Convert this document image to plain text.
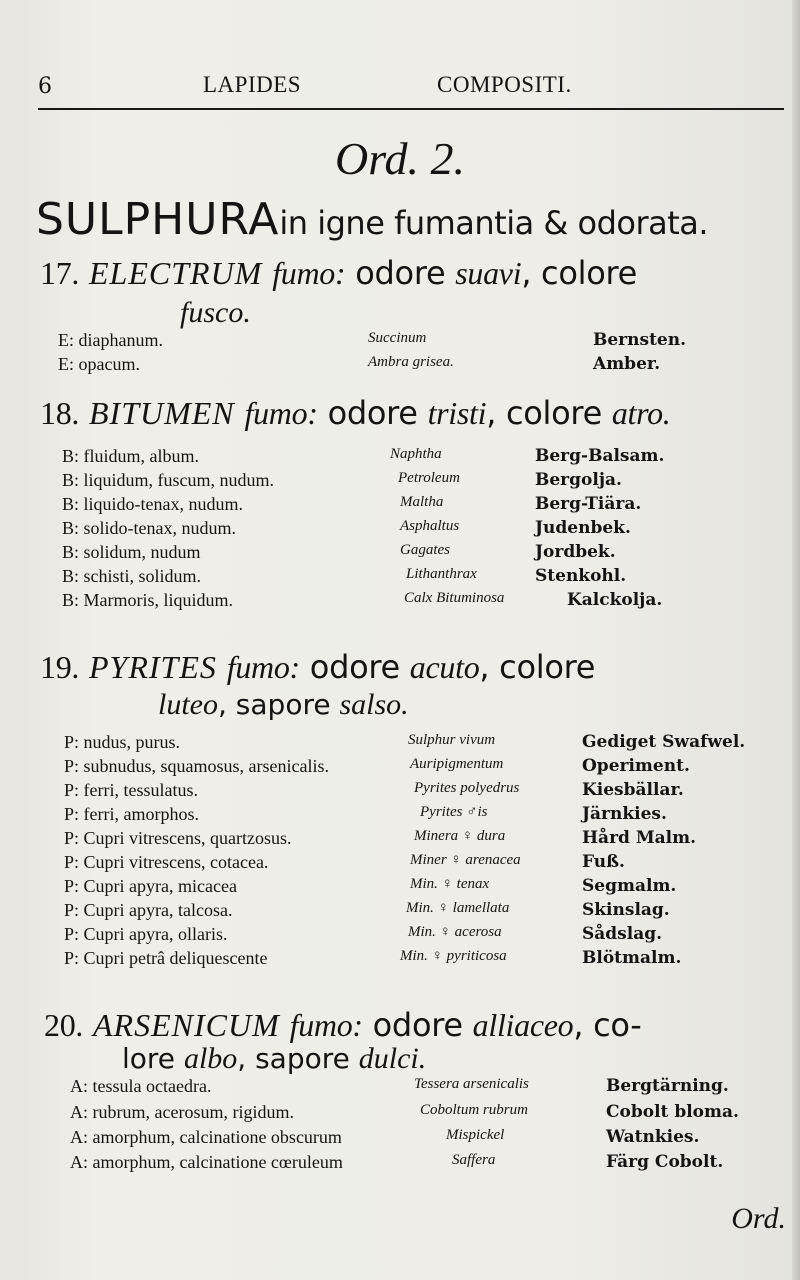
6	LAPIDES	COMPOSITI.
Ord. 2.
SULPHURAin igne fumantia & odorata.
17. ELECTRUM fumo: odore suavi, colore
fusco.
E: diaphanum.	Succinum	Bernsten.
E: opacum.	Ambra grisea.	Amber.
18. BITUMEN fumo: odore tristi, colore atro.
B: fluidum, album.	Naphtha	Berg-Balsam.
B: liquidum, fuscum, nudum.	Petroleum	Bergolja.
B: liquido-tenax, nudum.	Maltha	Berg-Tiära.
B: solido-tenax, nudum.	Asphaltus	Judenbek.
B: solidum, nudum	Gagates	Jordbek.
B: schisti, solidum.	Lithanthrax	Stenkohl.
B: Marmoris, liquidum.	Calx Bituminosa	Kalckolja.
19. PYRITES fumo: odore acuto, colore
luteo, sapore salso.
P: nudus, purus.	Sulphur vivum	Gediget Swafwel.
P: subnudus, squamosus, arsenicalis.	Auripigmentum	Operiment.
P: ferri, tessulatus.	Pyrites polyedrus	Kiesbällar.
P: ferri, amorphos.	Pyrites ♂is	Järnkies.
P: Cupri vitrescens, quartzosus.	Minera ♀ dura	Hård Malm.
P: Cupri vitrescens, cotacea.	Miner ♀ arenacea	Fuß.
P: Cupri apyra, micacea	Min. ♀ tenax	Segmalm.
P: Cupri apyra, talcosa.	Min. ♀ lamellata	Skinslag.
P: Cupri apyra, ollaris.	Min. ♀ acerosa	Sådslag.
P: Cupri petrâ deliquescente	Min. ♀ pyriticosa	Blötmalm.
20. ARSENICUM fumo: odore alliaceo, co-
lore albo, sapore dulci.
A: tessula octaedra.	Tessera arsenicalis	Bergtärning.
A: rubrum, acerosum, rigidum.	Coboltum rubrum	Cobolt bloma.
A: amorphum, calcinatione obscurum	Mispickel	Watnkies.
A: amorphum, calcinatione cœruleum	Saffera	Färg Cobolt.
Ord.
